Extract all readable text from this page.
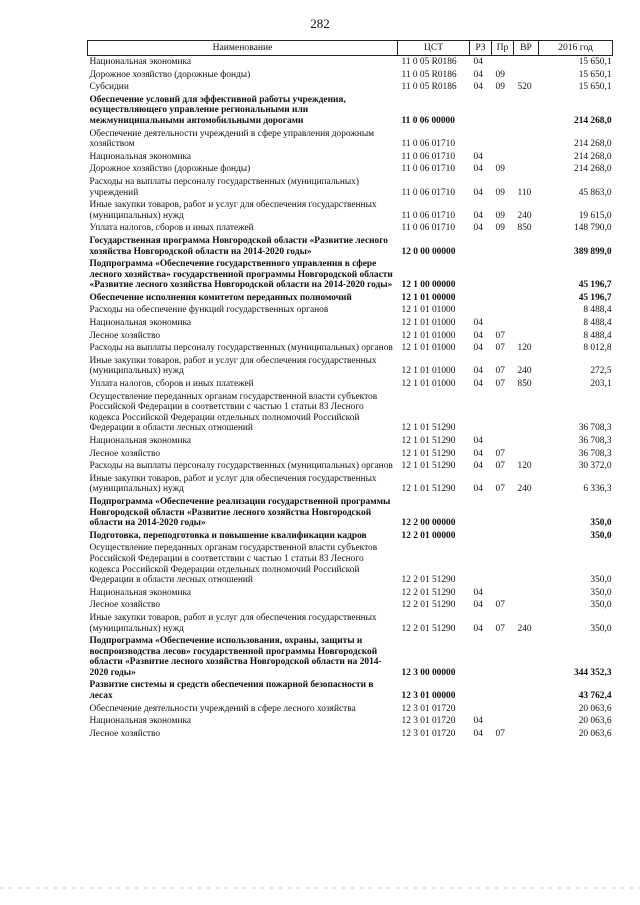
282
Наименование	ЦСТ	РЗ	Пр	ВР	2016 год
Национальная экономика	11 0 05 R0186	04			15 650,1
Дорожное хозяйство (дорожные фонды)	11 0 05 R0186	04	09		15 650,1
Субсидии	11 0 05 R0186	04	09	520	15 650,1
Обеспечение условий для эффективной работы учреждения, осуществляющего управление региональными или межмуниципальными автомобильными дорогами	11 0 06 00000				214 268,0
Обеспечение деятельности учреждений в сфере управления дорожным хозяйством	11 0 06 01710				214 268,0
Национальная экономика	11 0 06 01710	04			214 268,0
Дорожное хозяйство (дорожные фонды)	11 0 06 01710	04	09		214 268,0
Расходы на выплаты персоналу государственных (муниципальных) учреждений	11 0 06 01710	04	09	110	45 863,0
Иные закупки товаров, работ и услуг для обеспечения государственных (муниципальных) нужд	11 0 06 01710	04	09	240	19 615,0
Уплата налогов, сборов и иных платежей	11 0 06 01710	04	09	850	148 790,0
Государственная программа Новгородской области «Развитие лесного хозяйства Новгородской области на 2014-2020 годы»	12 0 00 00000				389 899,0
Подпрограмма «Обеспечение государственного управления в сфере лесного хозяйства» государственной программы Новгородской области «Развитие лесного хозяйства Новгородской области на 2014-2020 годы»	12 1 00 00000				45 196,7
Обеспечение исполнения комитетом переданных полномочий	12 1 01 00000				45 196,7
Расходы на обеспечение функций государственных органов	12 1 01 01000				8 488,4
Национальная экономика	12 1 01 01000	04			8 488,4
Лесное хозяйство	12 1 01 01000	04	07		8 488,4
Расходы на выплаты персоналу государственных (муниципальных) органов	12 1 01 01000	04	07	120	8 012,8
Иные закупки товаров, работ и услуг для обеспечения государственных (муниципальных) нужд	12 1 01 01000	04	07	240	272,5
Уплата налогов, сборов и иных платежей	12 1 01 01000	04	07	850	203,1
Осуществление переданных органам государственной власти субъектов Российской Федерации в соответствии с частью 1 статьи 83 Лесного кодекса Российской Федерации отдельных полномочий Российской Федерации в области лесных отношений	12 1 01 51290				36 708,3
Национальная экономика	12 1 01 51290	04			36 708,3
Лесное хозяйство	12 1 01 51290	04	07		36 708,3
Расходы на выплаты персоналу государственных (муниципальных) органов	12 1 01 51290	04	07	120	30 372,0
Иные закупки товаров, работ и услуг для обеспечения государственных (муниципальных) нужд	12 1 01 51290	04	07	240	6 336,3
Подпрограмма «Обеспечение реализации государственной программы Новгородской области «Развитие лесного хозяйства Новгородской области на 2014-2020 годы»	12 2 00 00000				350,0
Подготовка, переподготовка и повышение квалификации кадров	12 2 01 00000				350,0
Осуществление переданных органам государственной власти субъектов Российской Федерации в соответствии с частью 1 статьи 83 Лесного кодекса Российской Федерации отдельных полномочий Российской Федерации в области лесных отношений	12 2 01 51290				350,0
Национальная экономика	12 2 01 51290	04			350,0
Лесное хозяйство	12 2 01 51290	04	07		350,0
Иные закупки товаров, работ и услуг для обеспечения государственных (муниципальных) нужд	12 2 01 51290	04	07	240	350,0
Подпрограмма «Обеспечение использования, охраны, защиты и воспроизводства лесов» государственной программы Новгородской области «Развитие лесного хозяйства Новгородской области на 2014-2020 годы»	12 3 00 00000				344 352,3
Развитие системы и средств обеспечения пожарной безопасности в лесах	12 3 01 00000				43 762,4
Обеспечение деятельности учреждений в сфере лесного хозяйства	12 3 01 01720				20 063,6
Национальная экономика	12 3 01 01720	04			20 063,6
Лесное хозяйство	12 3 01 01720	04	07		20 063,6
